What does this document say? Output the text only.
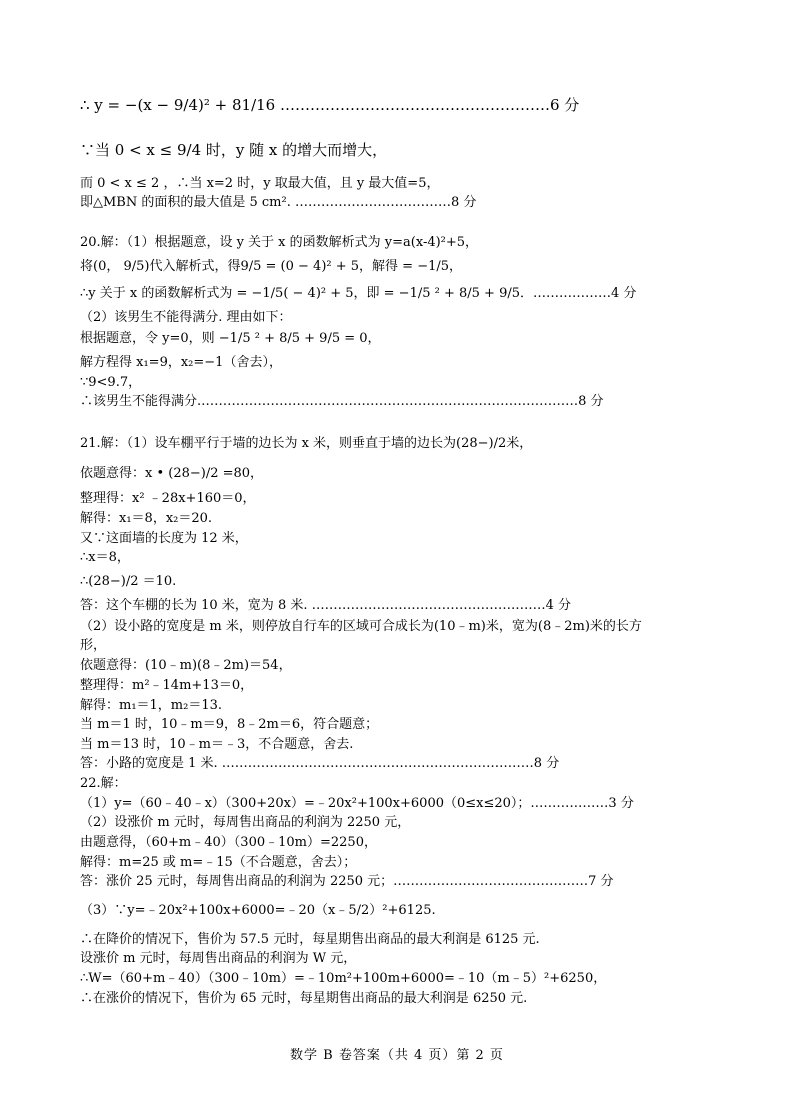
∴ y = −(x − 9/4)² + 81/16 ………………………………………………6 分
∵当 0 < x ≤ 9/4 时，y 随 x 的增大而增大，
而 0 < x ≤ 2 ，∴当 x=2 时，y 取最大值，且 y 最大值=5，
即△MBN 的面积的最大值是 5 cm². ………………………………8 分
20.解：（1）根据题意，设 y 关于 x 的函数解析式为 y=a(x-4)²+5，
将(0， 9/5)代入解析式，得9/5 = (0 − 4)² + 5，解得 = −1/5，
∴y 关于 x 的函数解析式为 = −1/5( − 4)² + 5，即 = −1/5 ² + 8/5 + 9/5．………………4 分
（2）该男生不能得满分. 理由如下：
根据题意，令 y=0，则 −1/5 ² + 8/5 + 9/5 = 0，
解方程得 x₁=9，x₂=−1（舍去），
∵9<9.7，
∴该男生不能得满分.……………………………………………………………………………8 分
21.解：（1）设车棚平行于墙的边长为 x 米，则垂直于墙的边长为(28−)/2米，
依题意得：x • (28−)/2 =80，
整理得：x² ﹣28x+160＝0，
解得：x₁＝8，x₂＝20.
又∵这面墙的长度为 12 米，
∴x＝8，
∴(28−)/2 ＝10.
答：这个车棚的长为 10 米，宽为 8 米. ………………………………………………4 分
（2）设小路的宽度是 m 米，则停放自行车的区域可合成长为(10﹣m)米，宽为(8﹣2m)米的长方
形，
依题意得：(10﹣m)(8﹣2m)＝54，
整理得：m²﹣14m+13＝0，
解得：m₁＝1，m₂＝13.
当 m＝1 时，10﹣m＝9，8﹣2m＝6，符合题意；
当 m＝13 时，10﹣m＝﹣3，不合题意，舍去.
答：小路的宽度是 1 米. ………………………………………………………………8 分
22.解：
（1）y=（60﹣40﹣x）（300+20x）=﹣20x²+100x+6000（0≤x≤20）；………………3 分
（2）设涨价 m 元时，每周售出商品的利润为 2250 元，
由题意得，（60+m﹣40）（300﹣10m）=2250，
解得：m=25 或 m=﹣15（不合题意，舍去）；
答：涨价 25 元时，每周售出商品的利润为 2250 元；………………………………………7 分
（3）∵y=﹣20x²+100x+6000=﹣20（x﹣5/2）²+6125.
∴在降价的情况下，售价为 57.5 元时，每星期售出商品的最大利润是 6125 元.
设涨价 m 元时，每周售出商品的利润为 W 元，
∴W=（60+m﹣40）（300﹣10m）=﹣10m²+100m+6000=﹣10（m﹣5）²+6250，
∴在涨价的情况下，售价为 65 元时，每星期售出商品的最大利润是 6250 元.
数学 B 卷答案（共 4 页）第 2 页
